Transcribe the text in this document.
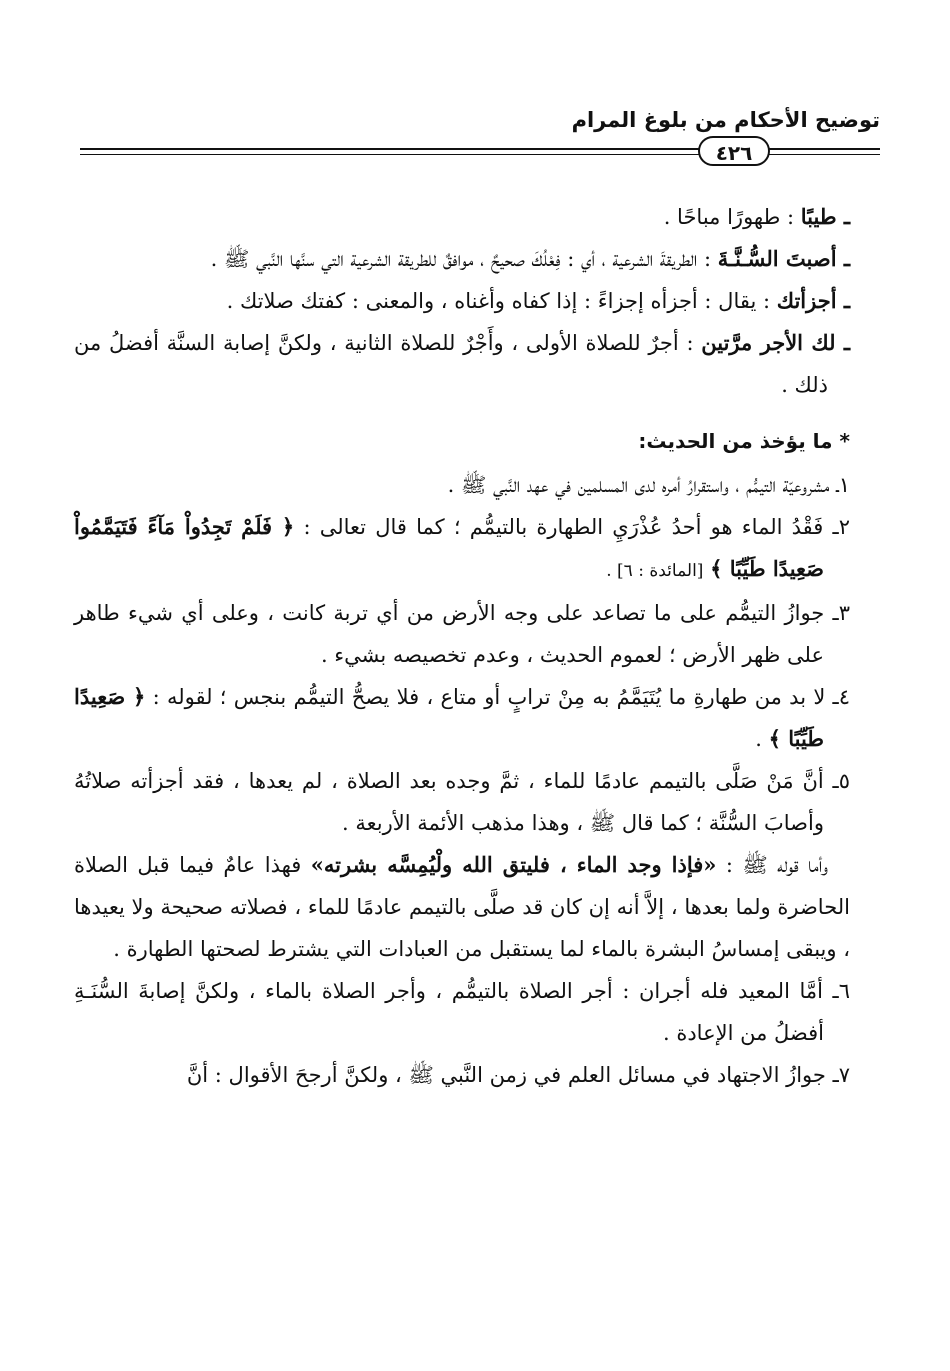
توضيح الأحكام من بلوغ المرام
٤٢٦

ـ طيبًا : طهورًا مباحًا .

ـ أصبتَ السُّـنَّـةَ : الطريقةَ الشرعية ، أي : فِعْلُكَ صحيحٌ ، موافقٌ للطريقة الشرعية التي سنَّها النَّبي ﷺ .

ـ أجزأتك : يقال : أجزأه إجزاءً : إذا كفاه وأغناه ، والمعنى : كفتك صلاتك .

ـ لك الأجر مرَّتين : أجرٌ للصلاة الأولى ، وأَجْرٌ للصلاة الثانية ، ولكنَّ إصابة السنَّة أفضلُ من ذلك .

* ما يؤخذ من الحديث:

١ـ مشروعيّة التيمُّم ، واستقرارُ أمره لدى المسلمين في عهد النَّبي ﷺ .

٢ـ فَقْدُ الماء هو أحدُ عُذْرَيِ الطهارة بالتيمُّم ؛ كما قال تعالى : ﴿ فَلَمْ تَجِدُواْ مَآءً فَتَيَمَّمُواْ صَعِيدًا طَيِّبًا ﴾ [المائدة : ٦] .

٣ـ جوازُ التيمُّم على ما تصاعد على وجه الأرض من أي تربة كانت ، وعلى أي شيء طاهر على ظهر الأرض ؛ لعموم الحديث ، وعدم تخصيصه بشيء .

٤ـ لا بد من طهارةِ ما يُتَيَمَّمُ به مِنْ ترابٍ أو متاع ، فلا يصحُّ التيمُّم بنجس ؛ لقوله : ﴿ صَعِيدًا طَيِّبًا ﴾ .

٥ـ أنَّ مَنْ صَلَّى بالتيمم عادمًا للماء ، ثمَّ وجده بعد الصلاة ، لم يعدها ، فقد أجزأته صلاتُهُ وأصابَ السُّنَّة ؛ كما قال ﷺ ، وهذا مذهب الأئمة الأربعة .

وأما قوله ﷺ : «فإذا وجد الماء ، فليتق الله ولْيُمِسَّه بشرته» فهذا عامٌ فيما قبل الصلاة الحاضرة ولما بعدها ، إلاَّ أنه إن كان قد صلَّى بالتيمم عادمًا للماء ، فصلاته صحيحة ولا يعيدها ، ويبقى إمساسُ البشرة بالماء لما يستقبل من العبادات التي يشترط لصحتها الطهارة .

٦ـ أمَّا المعيد فله أجران : أجر الصلاة بالتيمُّم ، وأجر الصلاة بالماء ، ولكنَّ إصابةَ السُّنَـةِ أفضلُ من الإعادة .

٧ـ جوازُ الاجتهاد في مسائل العلم في زمن النَّبي ﷺ ، ولكنَّ أرجحَ الأقوال : أنَّ
